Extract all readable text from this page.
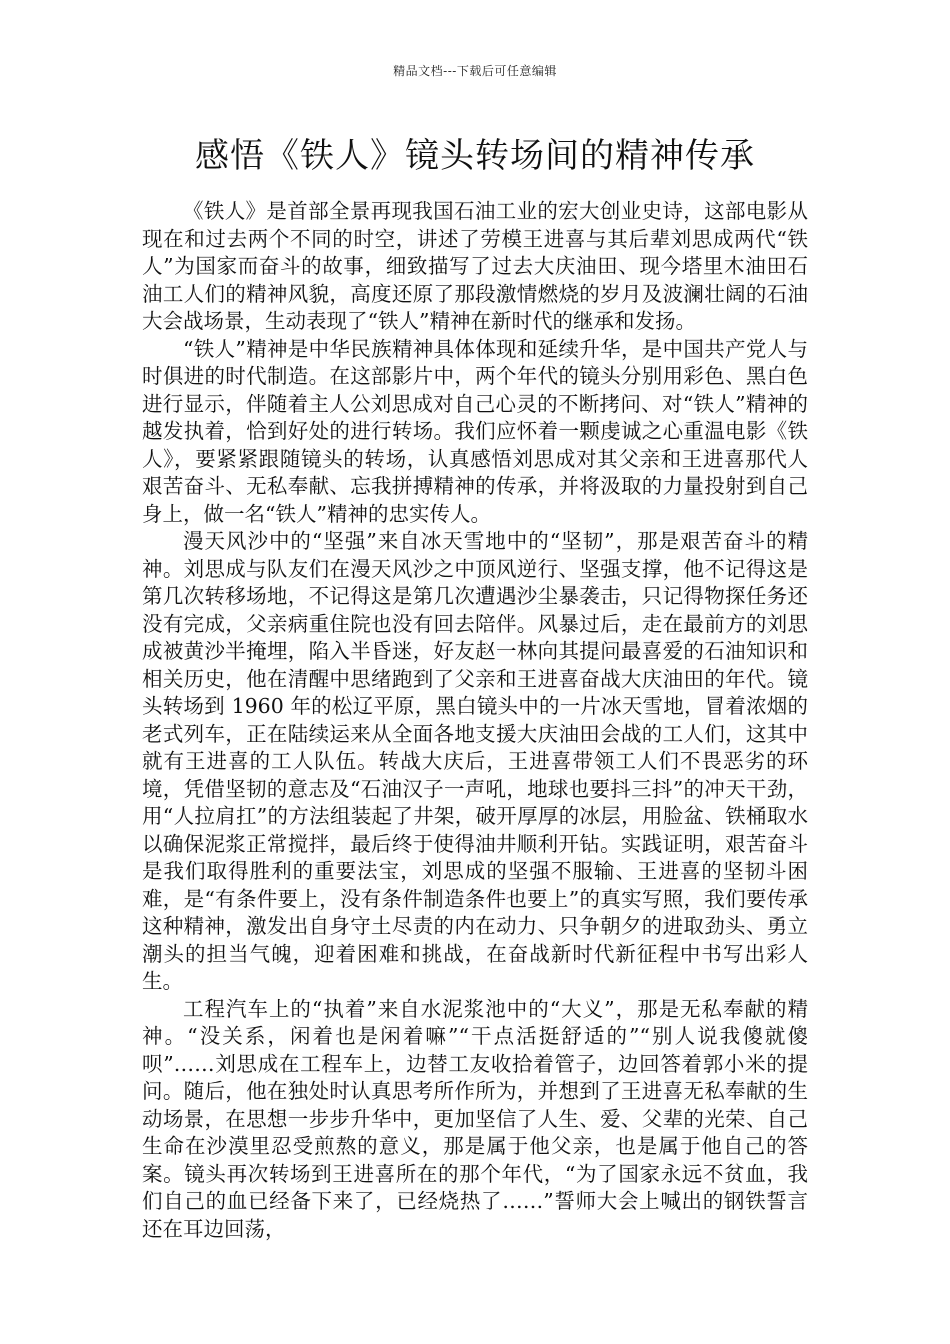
精品文档---下载后可任意编辑
感悟《铁人》镜头转场间的精神传承

《铁人》是首部全景再现我国石油工业的宏大创业史诗，这部电影从现在和过去两个不同的时空，讲述了劳模王进喜与其后辈刘思成两代“铁人”为国家而奋斗的故事，细致描写了过去大庆油田、现今塔里木油田石油工人们的精神风貌，高度还原了那段激情燃烧的岁月及波澜壮阔的石油大会战场景，生动表现了“铁人”精神在新时代的继承和发扬。

“铁人”精神是中华民族精神具体体现和延续升华，是中国共产党人与时俱进的时代制造。在这部影片中，两个年代的镜头分别用彩色、黑白色进行显示，伴随着主人公刘思成对自己心灵的不断拷问、对“铁人”精神的越发执着，恰到好处的进行转场。我们应怀着一颗虔诚之心重温电影《铁人》，要紧紧跟随镜头的转场，认真感悟刘思成对其父亲和王进喜那代人艰苦奋斗、无私奉献、忘我拼搏精神的传承，并将汲取的力量投射到自己身上，做一名“铁人”精神的忠实传人。

漫天风沙中的“坚强”来自冰天雪地中的“坚韧”，那是艰苦奋斗的精神。刘思成与队友们在漫天风沙之中顶风逆行、坚强支撑，他不记得这是第几次转移场地，不记得这是第几次遭遇沙尘暴袭击，只记得物探任务还没有完成，父亲病重住院也没有回去陪伴。风暴过后，走在最前方的刘思成被黄沙半掩埋，陷入半昏迷，好友赵一林向其提问最喜爱的石油知识和相关历史，他在清醒中思绪跑到了父亲和王进喜奋战大庆油田的年代。镜头转场到 1960 年的松辽平原，黑白镜头中的一片冰天雪地，冒着浓烟的老式列车，正在陆续运来从全面各地支援大庆油田会战的工人们，这其中就有王进喜的工人队伍。转战大庆后，王进喜带领工人们不畏恶劣的环境，凭借坚韧的意志及“石油汉子一声吼，地球也要抖三抖”的冲天干劲，用“人拉肩扛”的方法组装起了井架，破开厚厚的冰层，用脸盆、铁桶取水以确保泥浆正常搅拌，最后终于使得油井顺利开钻。实践证明，艰苦奋斗是我们取得胜利的重要法宝，刘思成的坚强不服输、王进喜的坚韧斗困难，是“有条件要上，没有条件制造条件也要上”的真实写照，我们要传承这种精神，激发出自身守土尽责的内在动力、只争朝夕的进取劲头、勇立潮头的担当气魄，迎着困难和挑战，在奋战新时代新征程中书写出彩人生。

工程汽车上的“执着”来自水泥浆池中的“大义”，那是无私奉献的精神。“没关系，闲着也是闲着嘛”“干点活挺舒适的”“别人说我傻就傻呗”……刘思成在工程车上，边替工友收拾着管子，边回答着郭小米的提问。随后，他在独处时认真思考所作所为，并想到了王进喜无私奉献的生动场景，在思想一步步升华中，更加坚信了人生、爱、父辈的光荣、自己生命在沙漠里忍受煎熬的意义，那是属于他父亲，也是属于他自己的答案。镜头再次转场到王进喜所在的那个年代，“为了国家永远不贫血，我们自己的血已经备下来了，已经烧热了……”誓师大会上喊出的钢铁誓言还在耳边回荡，
